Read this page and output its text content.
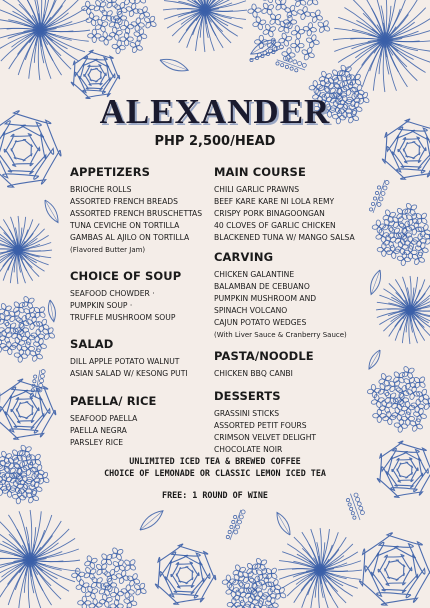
ALEXANDER
PHP 2,500/HEAD
APPETIZERS
BRIOCHE ROLLS
ASSORTED FRENCH BREADS
ASSORTED FRENCH BRUSCHETTAS
TUNA CEVICHE ON TORTILLA
GAMBAS AL AJILO ON TORTILLA
(Flavored Butter Jam)
CHOICE OF SOUP
SEAFOOD CHOWDER ·
PUMPKIN SOUP ·
TRUFFLE MUSHROOM SOUP
SALAD
DILL APPLE POTATO WALNUT
ASIAN SALAD W/ KESONG PUTI
PAELLA/ RICE
SEAFOOD PAELLA
PAELLA NEGRA
PARSLEY RICE
MAIN COURSE
CHILI GARLIC PRAWNS
BEEF KARE KARE NI LOLA REMY
CRISPY PORK BINAGOONGAN
40 CLOVES OF GARLIC CHICKEN
BLACKENED TUNA W/ MANGO SALSA
CARVING
CHICKEN GALANTINE
BALAMBAN DE CEBUANO
PUMPKIN MUSHROOM AND
SPINACH VOLCANO
CAJUN POTATO WEDGES
(With Liver Sauce & Cranberry Sauce)
PASTA/NOODLE
CHICKEN BBQ CANBI
DESSERTS
GRASSINI STICKS
ASSORTED PETIT FOURS
CRIMSON VELVET DELIGHT
CHOCOLATE NOIR
UNLIMITED ICED TEA & BREWED COFFEE
CHOICE OF LEMONADE OR CLASSIC LEMON ICED TEA
FREE: 1 ROUND OF WINE
